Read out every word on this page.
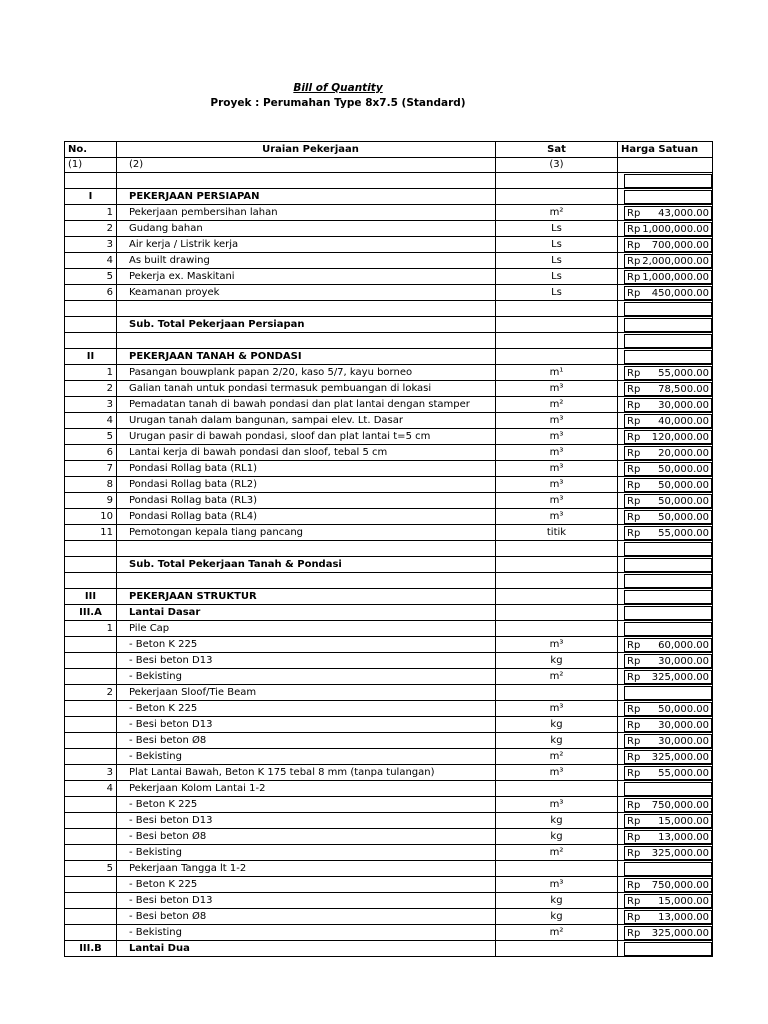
Bill of Quantity
Proyek : Perumahan Type 8x7.5 (Standard)
No.	Uraian Pekerjaan	Sat	Harga Satuan
(1)	(2)	(3)	

I	PEKERJAAN PERSIAPAN		

1	Pekerjaan pembersihan lahan	m²	Rp 43,000.00

2	Gudang bahan	Ls	Rp 1,000,000.00

3	Air kerja / Listrik kerja	Ls	Rp 700,000.00

4	As built drawing	Ls	Rp 2,000,000.00

5	Pekerja ex. Maskitani	Ls	Rp 1,000,000.00

6	Keamanan proyek	Ls	Rp 450,000.00

	Sub. Total Pekerjaan Persiapan		

II	PEKERJAAN TANAH & PONDASI		

1	Pasangan bouwplank papan 2/20, kaso 5/7, kayu borneo	m¹	Rp 55,000.00

2	Galian tanah untuk pondasi termasuk pembuangan di lokasi	m³	Rp 78,500.00

3	Pemadatan tanah di bawah pondasi dan plat lantai dengan stamper	m²	Rp 30,000.00

4	Urugan tanah dalam bangunan, sampai elev. Lt. Dasar	m³	Rp 40,000.00

5	Urugan pasir di bawah pondasi, sloof dan plat lantai t=5 cm	m³	Rp 120,000.00

6	Lantai kerja di bawah pondasi dan sloof, tebal 5 cm	m³	Rp 20,000.00

7	Pondasi Rollag bata (RL1)	m³	Rp 50,000.00

8	Pondasi Rollag bata (RL2)	m³	Rp 50,000.00

9	Pondasi Rollag bata (RL3)	m³	Rp 50,000.00

10	Pondasi Rollag bata (RL4)	m³	Rp 50,000.00

11	Pemotongan kepala tiang pancang	titik	Rp 55,000.00

	Sub. Total Pekerjaan Tanah & Pondasi		

III	PEKERJAAN STRUKTUR		

III.A	Lantai Dasar		

1	Pile Cap		

	- Beton K 225	m³	Rp 60,000.00

	- Besi beton D13	kg	Rp 30,000.00

	- Bekisting	m²	Rp 325,000.00

2	Pekerjaan Sloof/Tie Beam		

	- Beton K 225	m³	Rp 50,000.00

	- Besi beton D13	kg	Rp 30,000.00

	- Besi beton Ø8	kg	Rp 30,000.00

	- Bekisting	m²	Rp 325,000.00

3	Plat Lantai Bawah, Beton K 175 tebal 8 mm (tanpa tulangan)	m³	Rp 55,000.00

4	Pekerjaan Kolom Lantai 1-2		

	- Beton K 225	m³	Rp 750,000.00

	- Besi beton D13	kg	Rp 15,000.00

	- Besi beton Ø8	kg	Rp 13,000.00

	- Bekisting	m²	Rp 325,000.00

5	Pekerjaan Tangga lt 1-2		

	- Beton K 225	m³	Rp 750,000.00

	- Besi beton D13	kg	Rp 15,000.00

	- Besi beton Ø8	kg	Rp 13,000.00

	- Bekisting	m²	Rp 325,000.00

III.B	Lantai Dua		
